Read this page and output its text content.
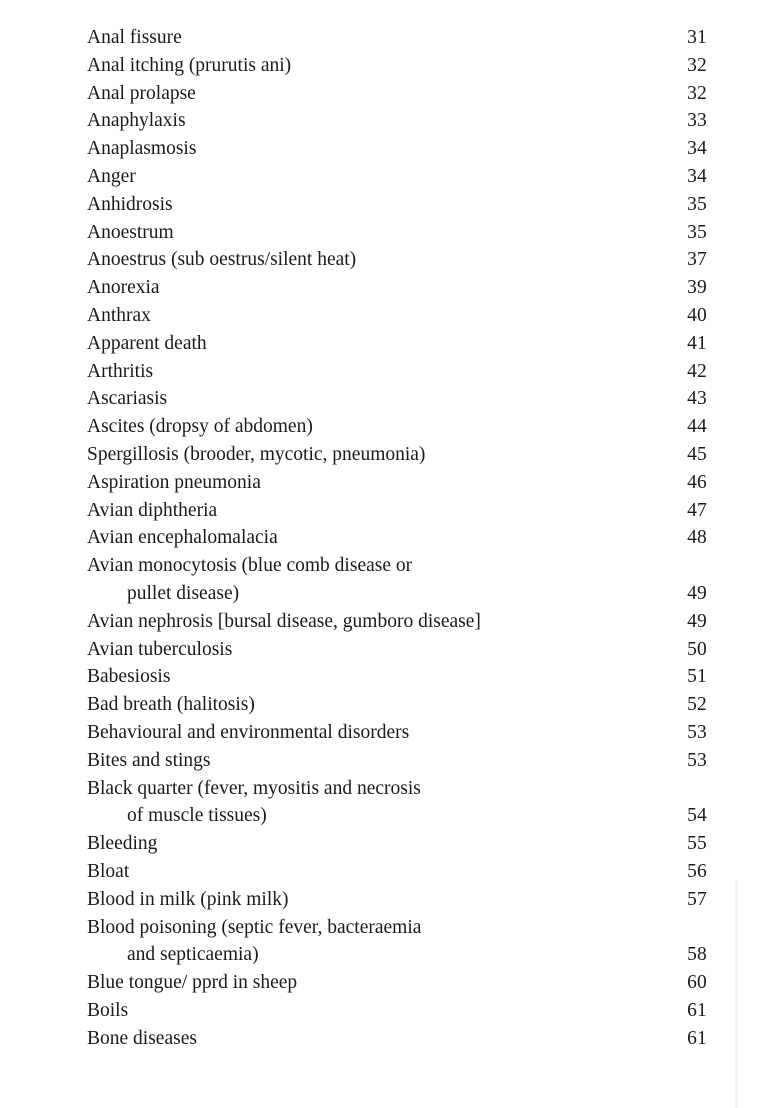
Anal fissure	31
Anal itching (prurutis ani)	32
Anal prolapse	32
Anaphylaxis	33
Anaplasmosis	34
Anger	34
Anhidrosis	35
Anoestrum	35
Anoestrus (sub oestrus/silent heat)	37
Anorexia	39
Anthrax	40
Apparent death	41
Arthritis	42
Ascariasis	43
Ascites (dropsy of abdomen)	44
Spergillosis (brooder, mycotic, pneumonia)	45
Aspiration pneumonia	46
Avian diphtheria	47
Avian encephalomalacia	48
Avian monocytosis (blue comb disease or
pullet disease)	49
Avian nephrosis [bursal disease, gumboro disease]	49
Avian tuberculosis	50
Babesiosis	51
Bad breath (halitosis)	52
Behavioural and environmental disorders	53
Bites and stings	53
Black quarter (fever, myositis and necrosis
of muscle tissues)	54
Bleeding	55
Bloat	56
Blood in milk (pink milk)	57
Blood poisoning (septic fever, bacteraemia
and septicaemia)	58
Blue tongue/ pprd in sheep	60
Boils	61
Bone diseases	61
